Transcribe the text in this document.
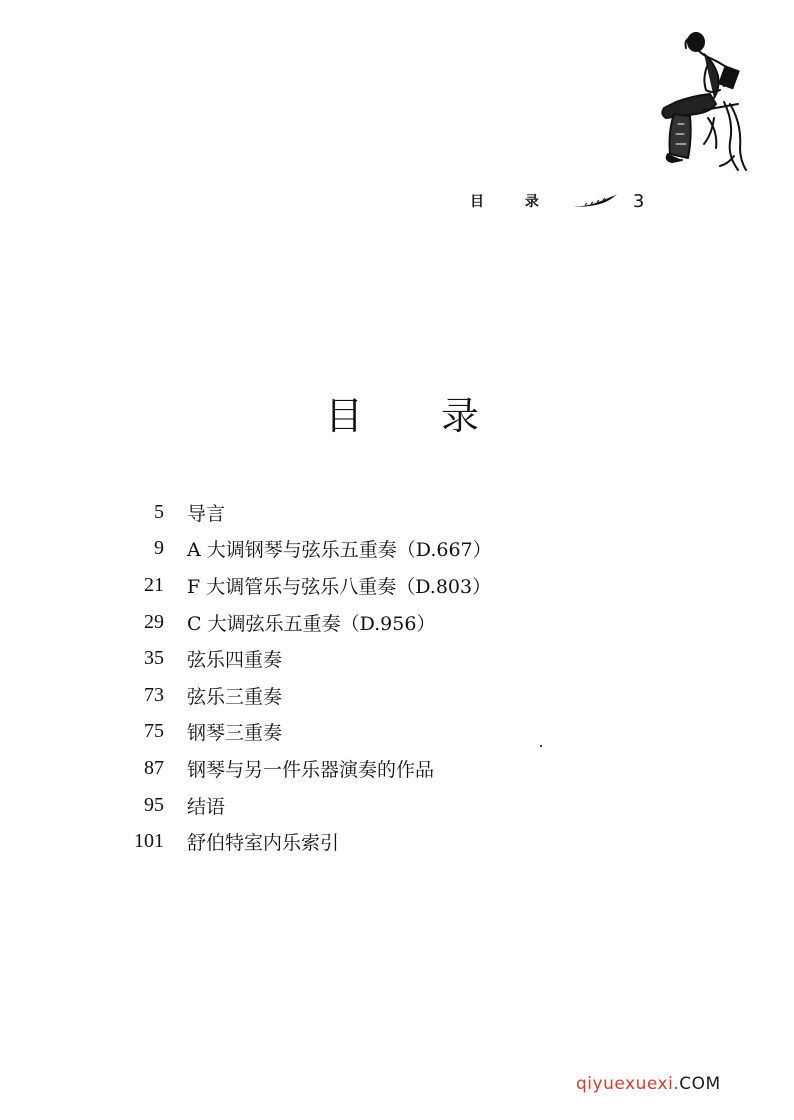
目 录	3
目录
5 导言
9 A 大调钢琴与弦乐五重奏（D.667）
21 F 大调管乐与弦乐八重奏（D.803）
29 C 大调弦乐五重奏（D.956）
35 弦乐四重奏
73 弦乐三重奏
75 钢琴三重奏
87 钢琴与另一件乐器演奏的作品
95 结语
101 舒伯特室内乐索引
qiyuexuexi.COM
